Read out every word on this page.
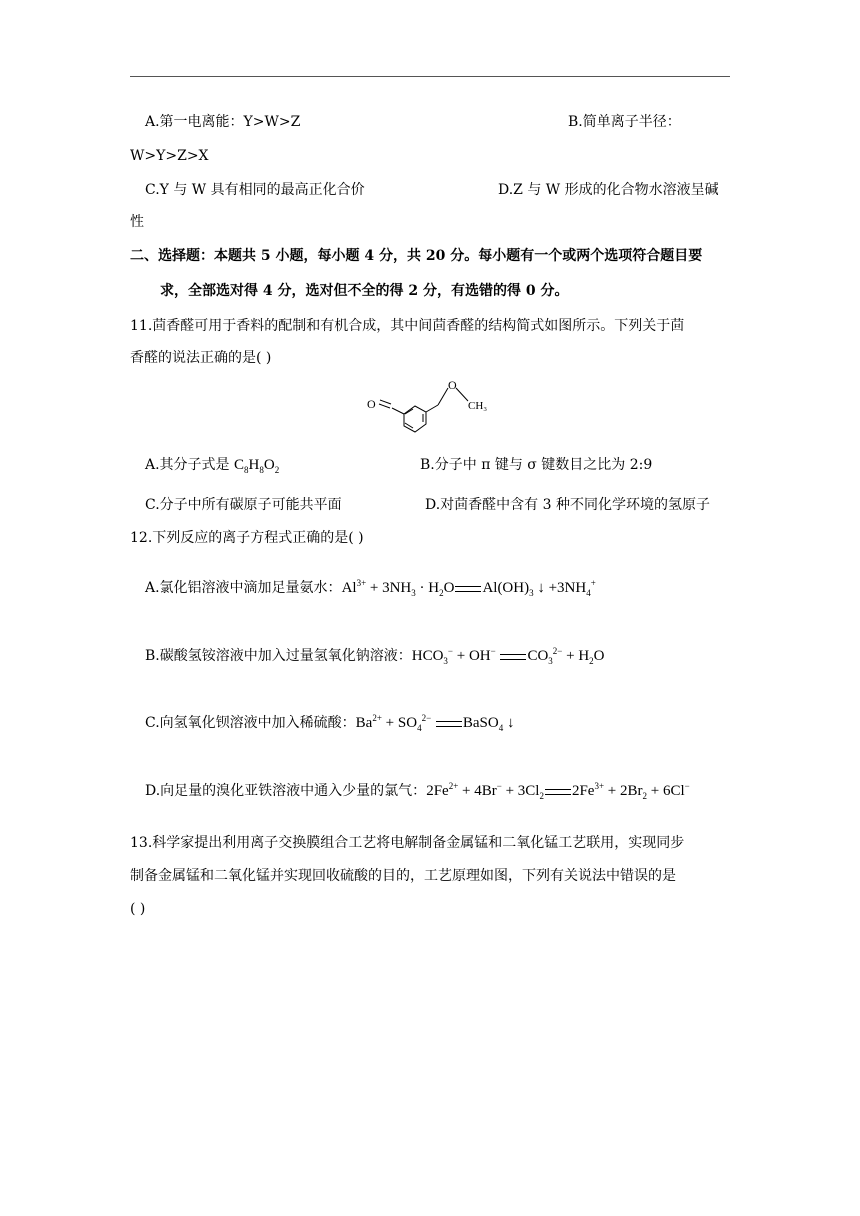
A.第一电离能：Y>W>Z	B.简单离子半径：
W>Y>Z>X
C.Y 与 W 具有相同的最高正化合价	D.Z 与 W 形成的化合物水溶液呈碱
性
二、选择题：本题共 5 小题，每小题 4 分，共 20 分。每小题有一个或两个选项符合题目要
求，全部选对得 4 分，选对但不全的得 2 分，有选错的得 0 分。
11.茴香醛可用于香料的配制和有机合成，其中间茴香醛的结构简式如图所示。下列关于茴
香醛的说法正确的是( )
O
O
CH₃
A.其分子式是 $C_8H_8O_2$	B.分子中 π 键与 σ 键数目之比为 2:9
C.分子中所有碳原子可能共平面	D.对茴香醛中含有 3 种不同化学环境的氢原子
12.下列反应的离子方程式正确的是( )
A.氯化铝溶液中滴加足量氨水：$Al^{3+} + 3NH_3 \cdot H_2O$ $Al(OH)_3$ ↓ $+3NH_4^+$
B.碳酸氢铵溶液中加入过量氢氧化钠溶液：$HCO_3^- + OH^-$ $CO_3^{2-} + H_2O$
C.向氢氧化钡溶液中加入稀硫酸：$Ba^{2+} + SO_4^{2-}$ BaSO$_4$ ↓
D.向足量的溴化亚铁溶液中通入少量的氯气：$2Fe^{2+} + 4Br^- + 3Cl_2$ $2Fe^{3+} + 2Br_2 + 6Cl^-$
13.科学家提出利用离子交换膜组合工艺将电解制备金属锰和二氧化锰工艺联用，实现同步
制备金属锰和二氧化锰并实现回收硫酸的目的，工艺原理如图，下列有关说法中错误的是
( )
